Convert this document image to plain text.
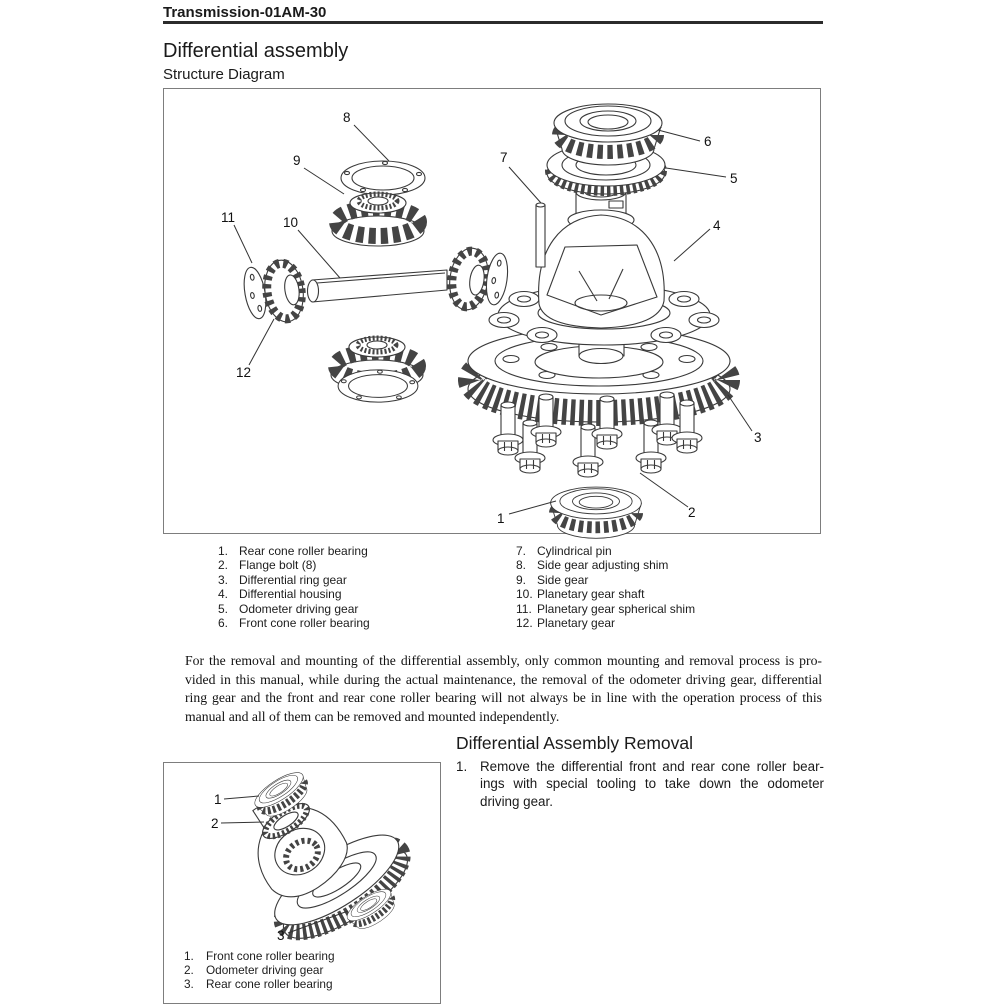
Transmission-01AM-30
Differential assembly
Structure Diagram
1	2
3
4
5
6
7
8
9
10
11
12
1. Rear cone roller bearing
2. Flange bolt (8)
3. Differential ring gear
4. Differential housing
5. Odometer driving gear
6. Front cone roller bearing
7. Cylindrical pin
8. Side gear adjusting shim
9. Side gear
10. Planetary gear shaft
11. Planetary gear spherical shim
12. Planetary gear
For the removal and mounting of the differential assembly, only common mounting and removal process is pro-
vided in this manual, while during the actual maintenance, the removal of the odometer driving gear, differential
ring gear and the front and rear cone roller bearing will not always be in line with the operation process of this
manual and all of them can be removed and mounted independently.
Differential Assembly Removal
1. Remove the differential front and rear cone roller bear-
ings with special tooling to take down the odometer
driving gear.
1
2
3
1.	Front cone roller bearing
2.	Odometer driving gear
3.	Rear cone roller bearing
